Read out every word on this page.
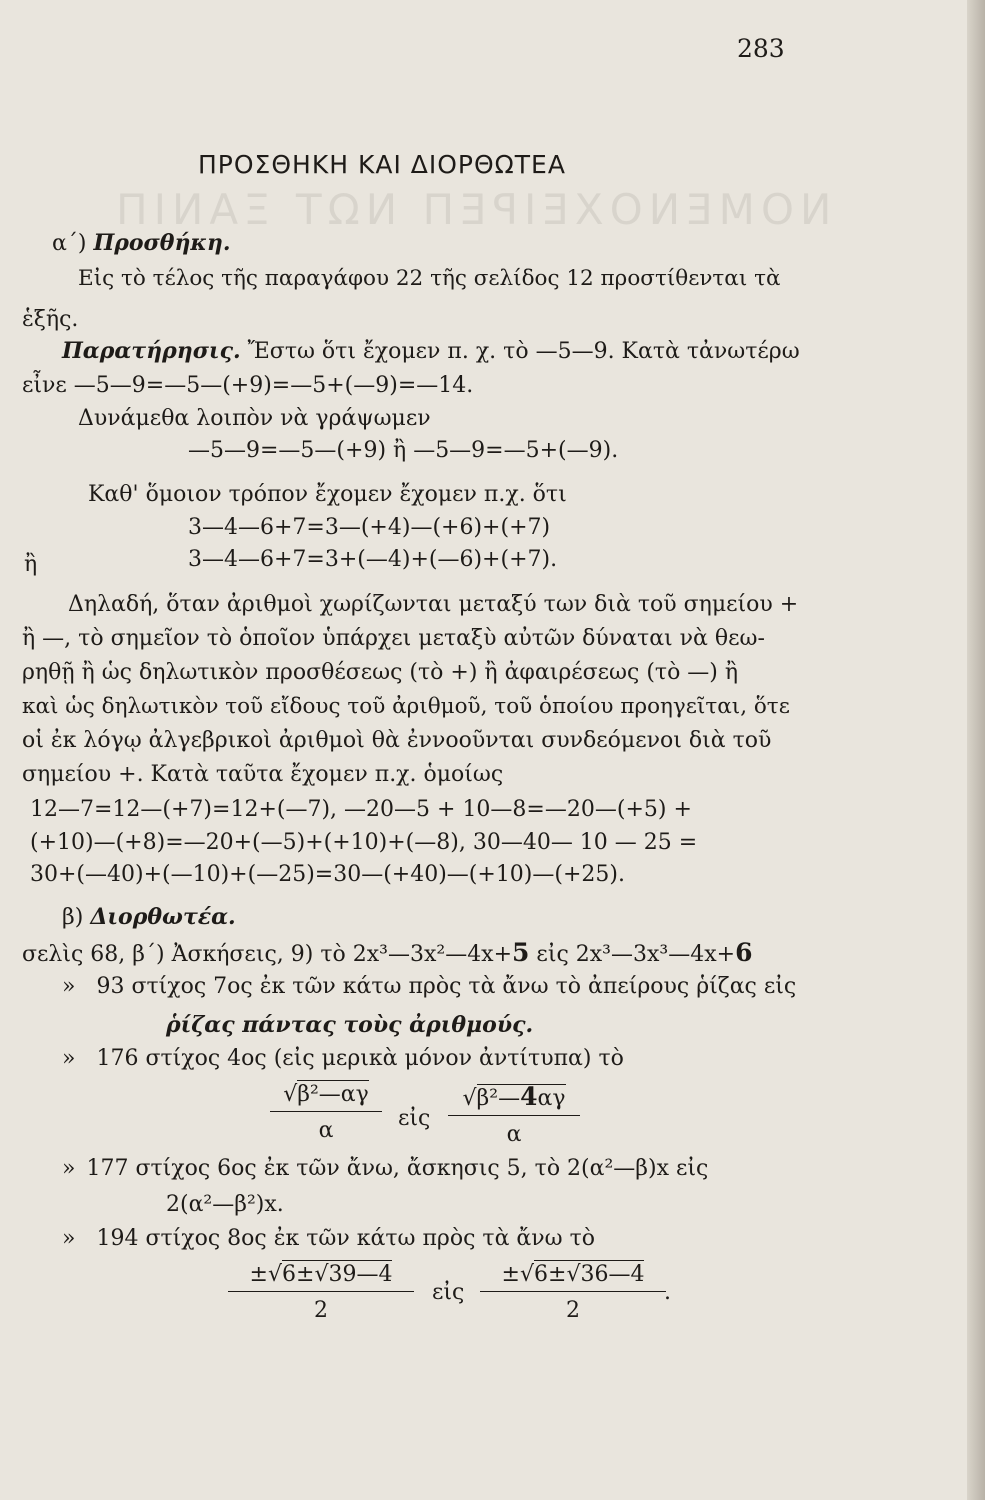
ΝΟΜΕΝΟΧΕΙΡΕΠ ΝΩΤ ΞΑΝΙΠ
283
ΠΡΟΣΘΗΚΗ ΚΑΙ ΔΙΟΡΘΩΤΕΑ
α΄) Προσθήκη.
Εἰς τὸ τέλος τῆς παραγάφου 22 τῆς σελίδος 12 προστίθενται τὰ
ἑξῆς.
Παρατήρησις. Ἔστω ὅτι ἔχομεν π. χ. τὸ —5—9. Κατὰ τἀνωτέρω
εἶνε —5—9=—5—(+9)=—5+(—9)=—14.
Δυνάμεθα λοιπὸν νὰ γράψωμεν
—5—9=—5—(+9) ἢ —5—9=—5+(—9).
Καθ' ὅμοιον τρόπον ἔχομεν ἔχομεν π.χ. ὅτι
3—4—6+7=3—(+4)—(+6)+(+7)
ἢ	3—4—6+7=3+(—4)+(—6)+(+7).
Δηλαδή, ὅταν ἀριθμοὶ χωρίζωνται μεταξύ των διὰ τοῦ σημείου +
ἢ —, τὸ σημεῖον τὸ ὁποῖον ὑπάρχει μεταξὺ αὐτῶν δύναται νὰ θεω-
ρηθῇ ἢ ὡς δηλωτικὸν προσθέσεως (τὸ +) ἢ ἀφαιρέσεως (τὸ —) ἢ
καὶ ὡς δηλωτικὸν τοῦ εἴδους τοῦ ἀριθμοῦ, τοῦ ὁποίου προηγεῖται, ὅτε
οἱ ἐκ λόγῳ ἀλγεβρικοὶ ἀριθμοὶ θὰ ἐννοοῦνται συνδεόμενοι διὰ τοῦ
σημείου +. Κατὰ ταῦτα ἔχομεν π.χ. ὁμοίως
12—7=12—(+7)=12+(—7), —20—5 + 10—8=—20—(+5) +
(+10)—(+8)=—20+(—5)+(+10)+(—8), 30—40— 10 — 25 =
30+(—40)+(—10)+(—25)=30—(+40)—(+10)—(+25).
β) Διορθωτέα.
σελὶς 68, β΄) Ἀσκήσεις, 9) τὸ 2x³—3x²—4x+5 εἰς 2x³—3x³—4x+6
» 93 στίχος 7ος ἐκ τῶν κάτω πρὸς τὰ ἄνω τὸ ἀπείρους ῥίζας εἰς
ῥίζας πάντας τοὺς ἀριθμούς.
» 176 στίχος 4ος (εἰς μερικὰ μόνον ἀντίτυπα) τὸ
√β²—αγ
α	εἰς
√β²—4αγ
α
» 177 στίχος 6ος ἐκ τῶν ἄνω, ἄσκησις 5, τὸ 2(α²—β)x εἰς
2(α²—β²)x.
» 194 στίχος 8ος ἐκ τῶν κάτω πρὸς τὰ ἄνω τὸ
±√6±√39—4
2
εἰς
±√6±√36—4
2
.
